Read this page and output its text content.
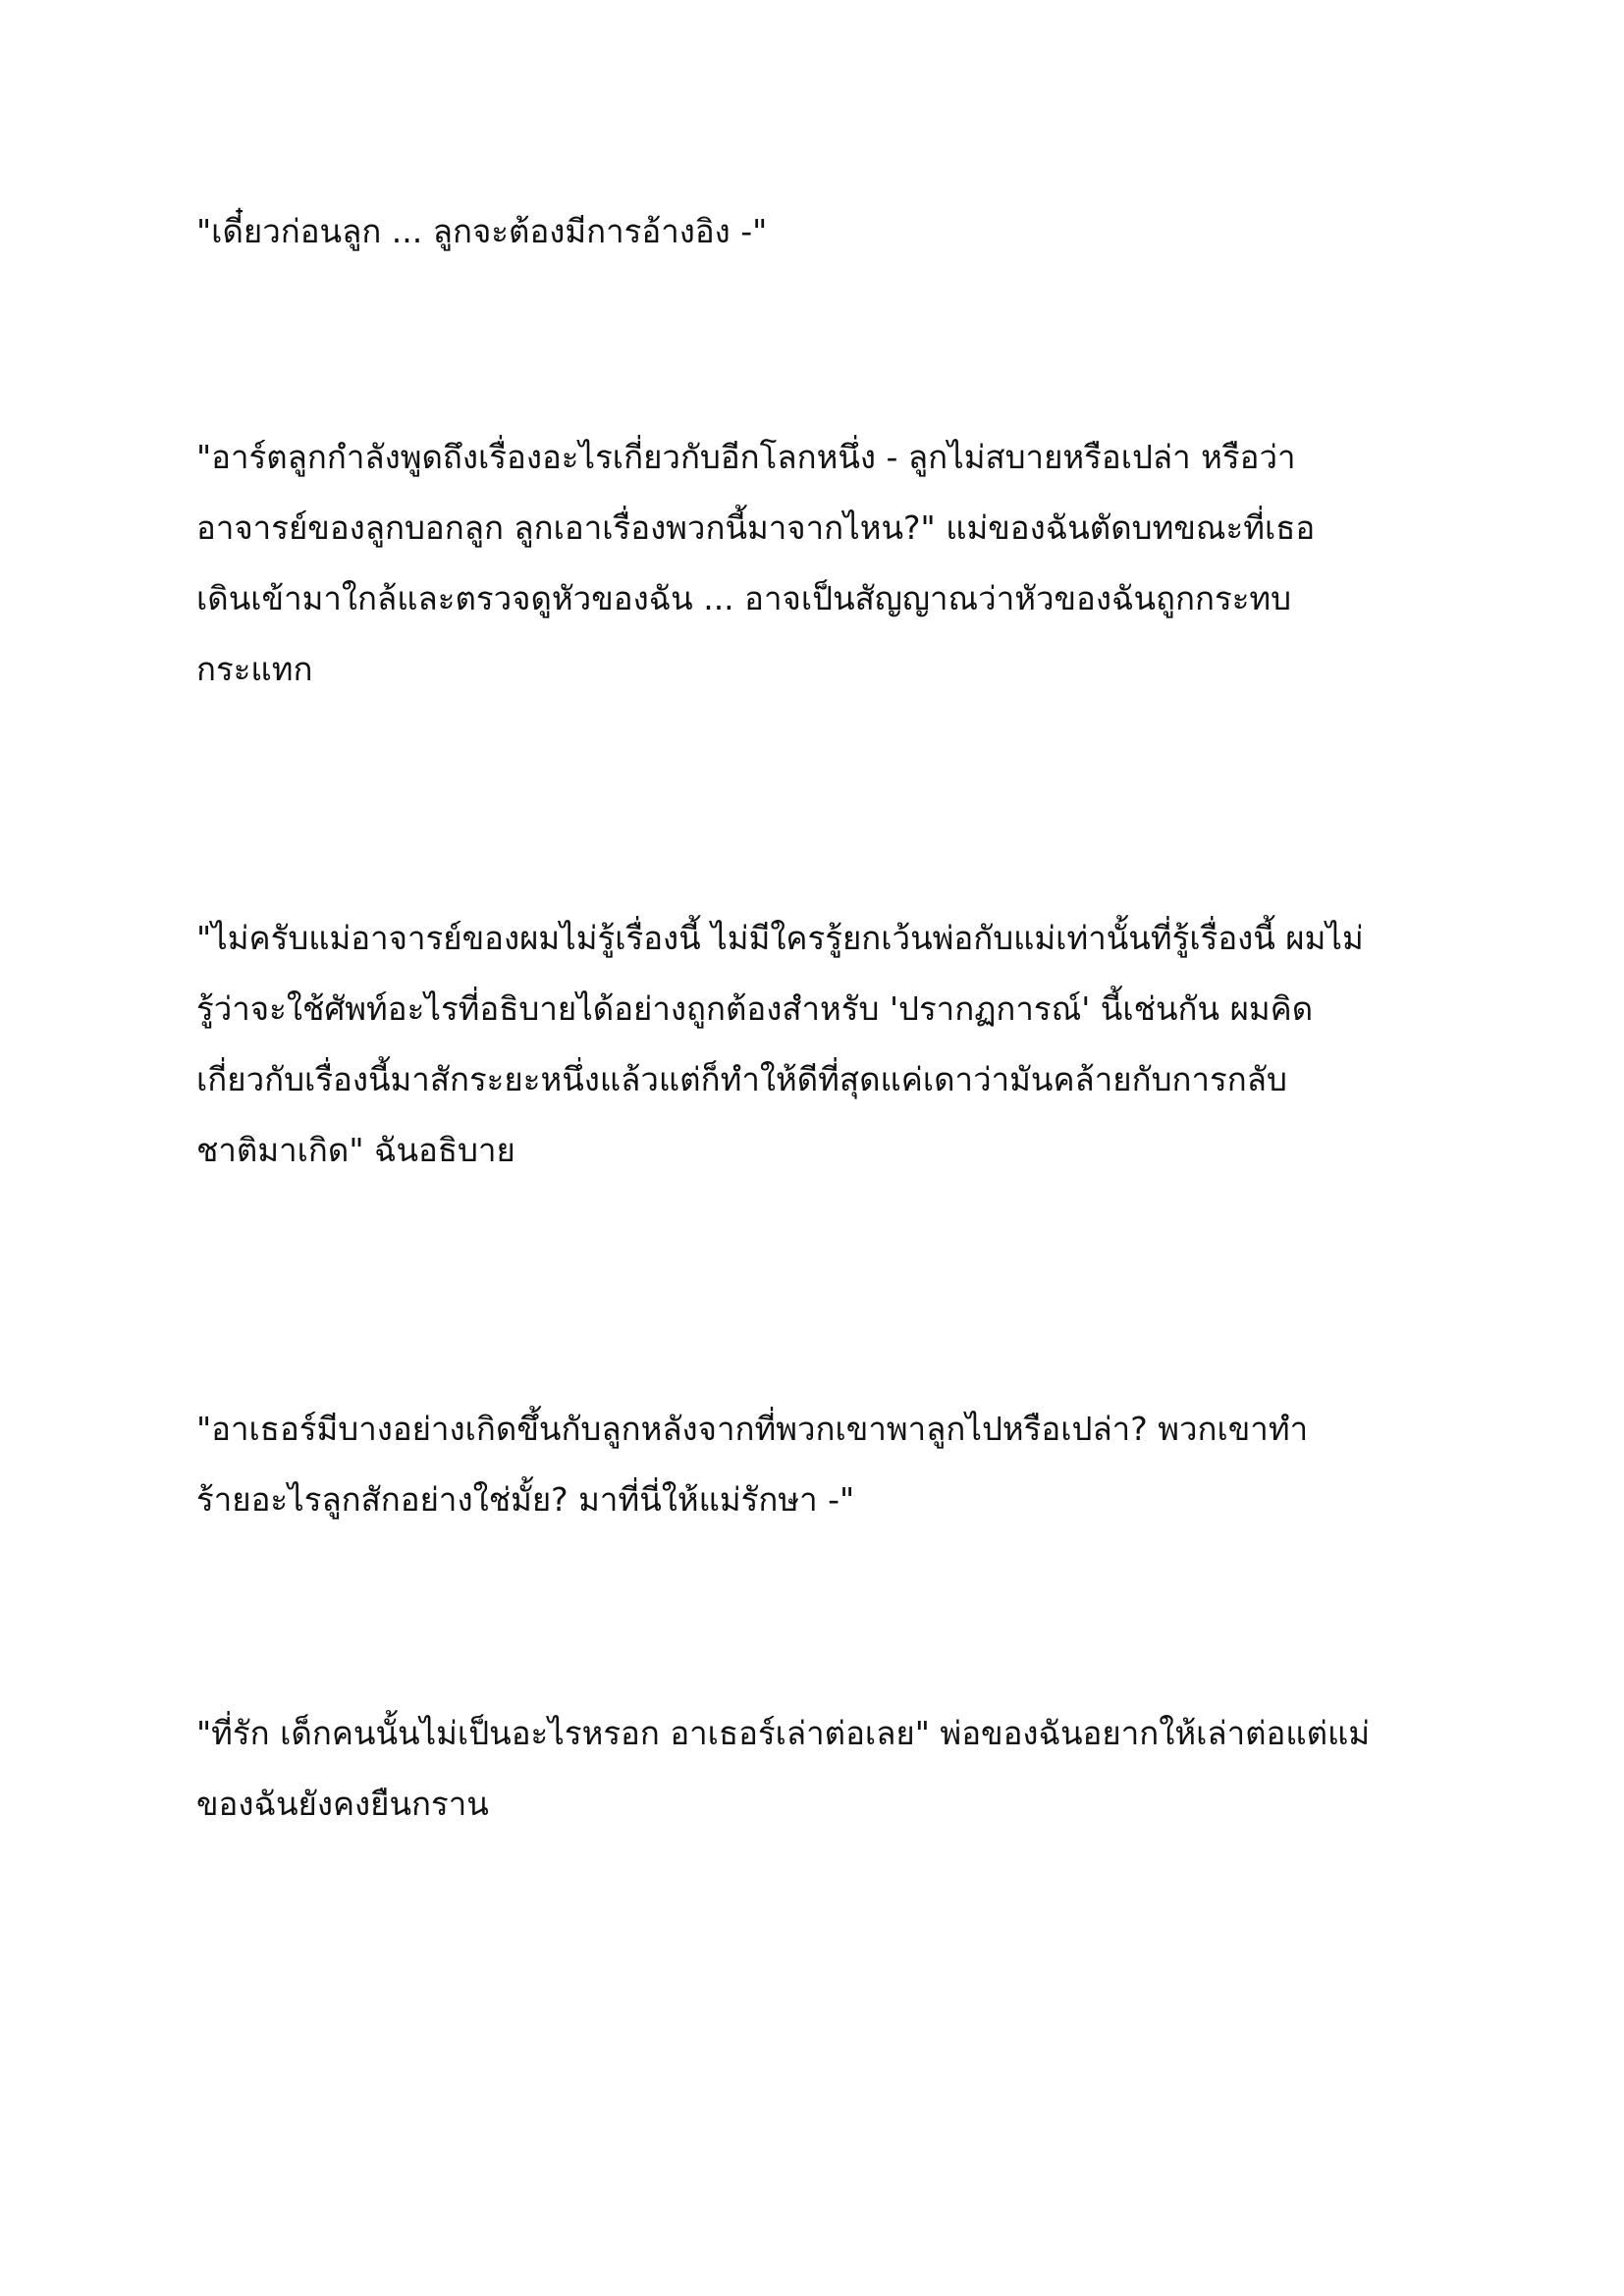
"เดี๋ยวก่อนลูก ... ลูกจะต้องมีการอ้างอิง -"

"อาร์ตลูกกำลังพูดถึงเรื่องอะไรเกี่ยวกับอีกโลกหนึ่ง - ลูกไม่สบายหรือเปล่า หรือว่า
อาจารย์ของลูกบอกลูก ลูกเอาเรื่องพวกนี้มาจากไหน?" แม่ของฉันตัดบทขณะที่เธอ
เดินเข้ามาใกล้และตรวจดูหัวของฉัน ... อาจเป็นสัญญาณว่าหัวของฉันถูกกระทบ
กระแทก

"ไม่ครับแม่อาจารย์ของผมไม่รู้เรื่องนี้ ไม่มีใครรู้ยกเว้นพ่อกับแม่เท่านั้นที่รู้เรื่องนี้ ผมไม่
รู้ว่าจะใช้ศัพท์อะไรที่อธิบายได้อย่างถูกต้องสำหรับ 'ปรากฏการณ์' นี้เช่นกัน ผมคิด
เกี่ยวกับเรื่องนี้มาสักระยะหนึ่งแล้วแต่ก็ทำให้ดีที่สุดแค่เดาว่ามันคล้ายกับการกลับ
ชาติมาเกิด" ฉันอธิบาย

"อาเธอร์มีบางอย่างเกิดขึ้นกับลูกหลังจากที่พวกเขาพาลูกไปหรือเปล่า? พวกเขาทำ
ร้ายอะไรลูกสักอย่างใช่มั้ย? มาที่นี่ให้แม่รักษา -"

"ที่รัก เด็กคนนั้นไม่เป็นอะไรหรอก อาเธอร์เล่าต่อเลย" พ่อของฉันอยากให้เล่าต่อแต่แม่
ของฉันยังคงยืนกราน
